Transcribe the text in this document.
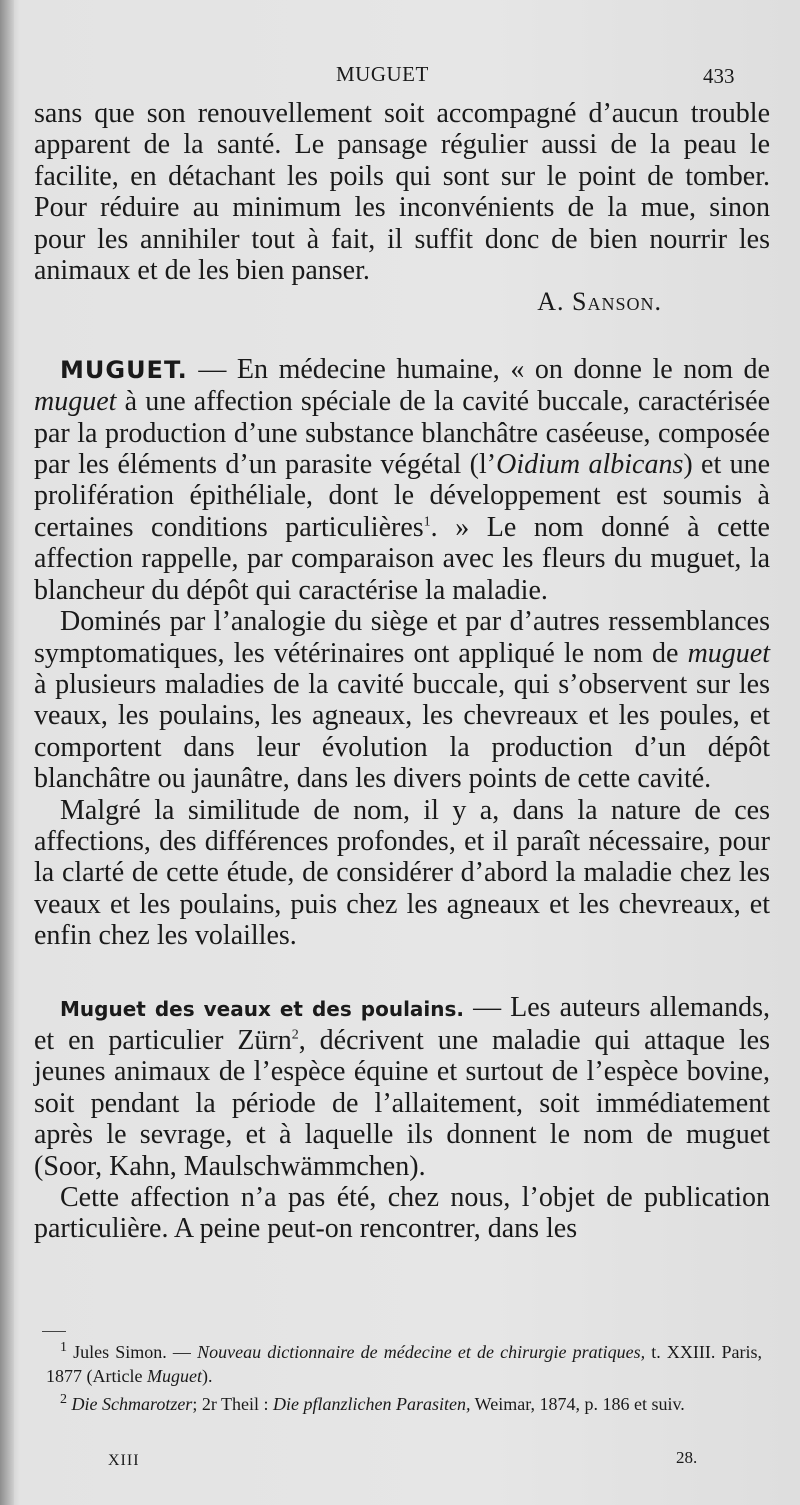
MUGUET	433

sans que son renouvellement soit accompagné d’aucun trouble apparent de la santé. Le pansage régulier aussi de la peau le facilite, en détachant les poils qui sont sur le point de tomber. Pour réduire au minimum les inconvénients de la mue, sinon pour les annihiler tout à fait, il suffit donc de bien nourrir les animaux et de les bien panser.

A. Sanson.

MUGUET. — En médecine humaine, « on donne le nom de muguet à une affection spéciale de la cavité buccale, caractérisée par la production d’une substance blanchâtre caséeuse, composée par les éléments d’un parasite végétal (l’Oidium albicans) et une prolifération épithéliale, dont le développement est soumis à certaines conditions particulières$^1$. » Le nom donné à cette affection rappelle, par comparaison avec les fleurs du muguet, la blancheur du dépôt qui caractérise la maladie.

Dominés par l’analogie du siège et par d’autres ressemblances symptomatiques, les vétérinaires ont appliqué le nom de muguet à plusieurs maladies de la cavité buccale, qui s’observent sur les veaux, les poulains, les agneaux, les chevreaux et les poules, et comportent dans leur évolution la production d’un dépôt blanchâtre ou jaunâtre, dans les divers points de cette cavité.

Malgré la similitude de nom, il y a, dans la nature de ces affections, des différences profondes, et il paraît nécessaire, pour la clarté de cette étude, de considérer d’abord la maladie chez les veaux et les poulains, puis chez les agneaux et les chevreaux, et enfin chez les volailles.

Muguet des veaux et des poulains. — Les auteurs allemands, et en particulier Zürn$^2$, décrivent une maladie qui attaque les jeunes animaux de l’espèce équine et surtout de l’espèce bovine, soit pendant la période de l’allaitement, soit immédiatement après le sevrage, et à laquelle ils donnent le nom de muguet (Soor, Kahn, Maulschwämmchen).

Cette affection n’a pas été, chez nous, l’objet de publication particulière. A peine peut-on rencontrer, dans les

$^1$ Jules Simon. — Nouveau dictionnaire de médecine et de chirurgie pratiques, t. XXIII. Paris, 1877 (Article Muguet).

$^2$ Die Schmarotzer; 2r Theil : Die pflanzlichen Parasiten, Weimar, 1874, p. 186 et suiv.

XIII	28.
